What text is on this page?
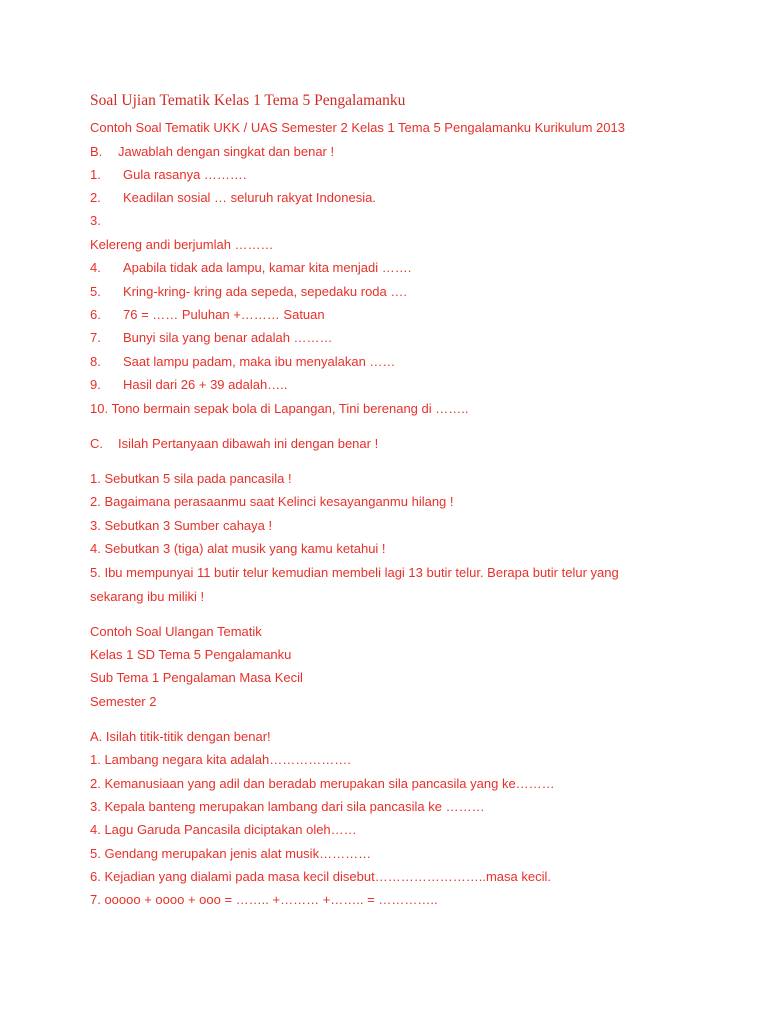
Soal Ujian Tematik Kelas 1 Tema 5 Pengalamanku
Contoh Soal Tematik UKK / UAS Semester 2 Kelas 1 Tema 5 Pengalamanku Kurikulum 2013
B. Jawablah dengan singkat dan benar !
1. Gula rasanya ……….
2. Keadilan sosial … seluruh rakyat Indonesia.
3.
Kelereng andi berjumlah ………
4. Apabila tidak ada lampu, kamar kita menjadi …….
5. Kring-kring- kring ada sepeda, sepedaku roda ….
6. 76 = …… Puluhan +……… Satuan
7. Bunyi sila yang benar adalah ………
8. Saat lampu padam, maka ibu menyalakan ……
9. Hasil dari 26 + 39 adalah…..
10. Tono bermain sepak bola di Lapangan, Tini berenang di ……..
C. Isilah Pertanyaan dibawah ini dengan benar !
1. Sebutkan 5 sila pada pancasila !
2. Bagaimana perasaanmu saat Kelinci kesayanganmu hilang !
3. Sebutkan 3 Sumber cahaya !
4. Sebutkan 3 (tiga) alat musik yang kamu ketahui !
5. Ibu mempunyai 11 butir telur kemudian membeli lagi 13 butir telur. Berapa butir telur yang
sekarang ibu miliki !
Contoh Soal Ulangan Tematik
Kelas 1 SD Tema 5 Pengalamanku
Sub Tema 1 Pengalaman Masa Kecil
Semester 2
A. Isilah titik-titik dengan benar!
1. Lambang negara kita adalah……………….
2. Kemanusiaan yang adil dan beradab merupakan sila pancasila yang ke………
3. Kepala banteng merupakan lambang dari sila pancasila ke ………
4. Lagu Garuda Pancasila diciptakan oleh……
5. Gendang merupakan jenis alat musik…………
6. Kejadian yang dialami pada masa kecil disebut……………………..masa kecil.
7. ooooo + oooo + ooo = …….. +……… +…….. = …………..
